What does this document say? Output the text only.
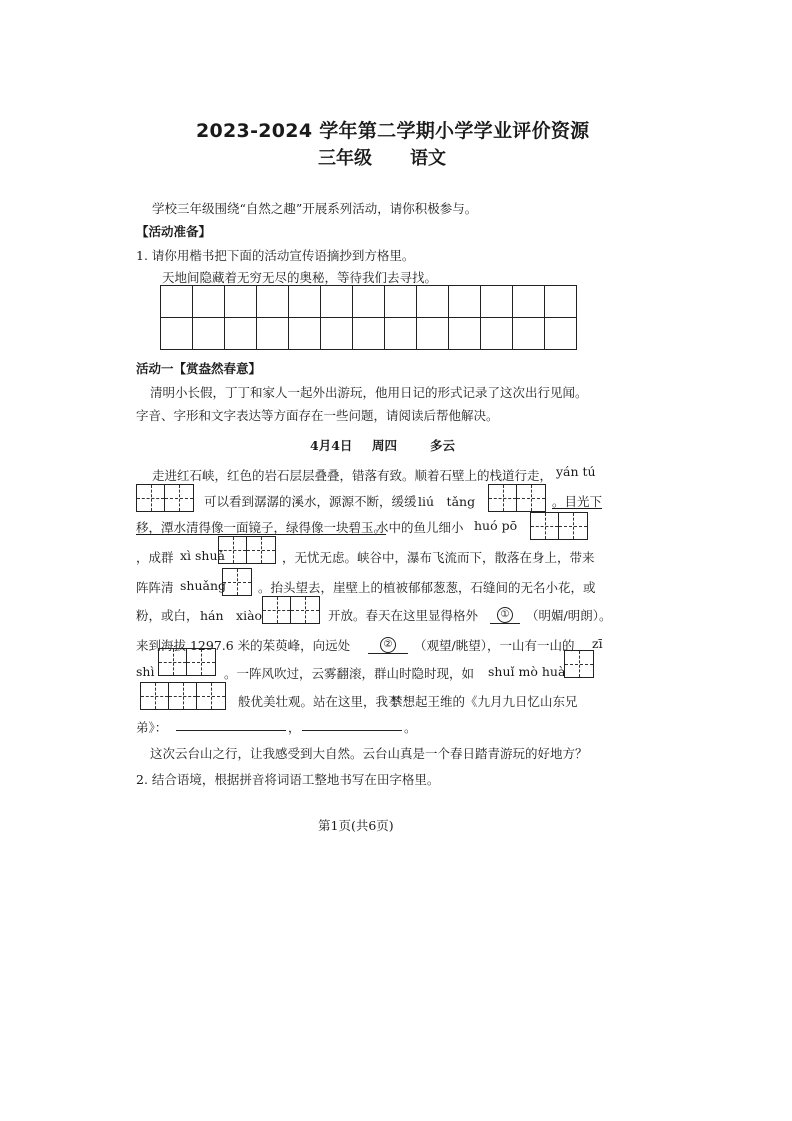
2023-2024 学年第二学期小学学业评价资源
三年级 语文
学校三年级围绕“自然之趣”开展系列活动，请你积极参与。
【活动准备】
1. 请你用楷书把下面的活动宣传语摘抄到方格里。
天地间隐藏着无穷无尽的奥秘，等待我们去寻找。

活动一【赏盎然春意】
清明小长假，丁丁和家人一起外出游玩，他用日记的形式记录了这次出行见闻。
字音、字形和文字表达等方面存在一些问题，请阅读后帮他解决。
4月4日 周四	多云
走进红石峡，红色的岩石层层叠叠，错落有致。顺着石壁上的栈道行走， yán tú
可以看到潺潺的溪水，源源不断，缓缓 liú　tǎng	。目光下
移，潭水清得像一面镜子，绿得像一块碧玉。
水中的鱼儿细小 huó pō
，成群 xì shuǎ	，无忧无虑。峡谷中，瀑布飞流而下，散落在身上，带来
阵阵清 shuǎng	。抬头望去，崖壁上的植被郁郁葱葱，石缝间的无名小花，或
粉，或白， hán　xiào	开放。春天在这里显得格外	①	（明媚/明朗）。
来到海拔 1297.6 米的茱萸峰，向远处	②	（观望/眺望），一山有一山的 zī
shì	。一阵风吹过，云雾翻滚，群山时隐时现，如 shuǐ mò huà
般优美壮观。站在这里，我不
禁想起王维的《九月九日忆山东兄
弟》：	，	。
这次云台山之行，让我感受到大自然。云台山真是一个春日踏青游玩的好地方？
2. 结合语境，根据拼音将词语工整地书写在田字格里。
第1页(共6页)
